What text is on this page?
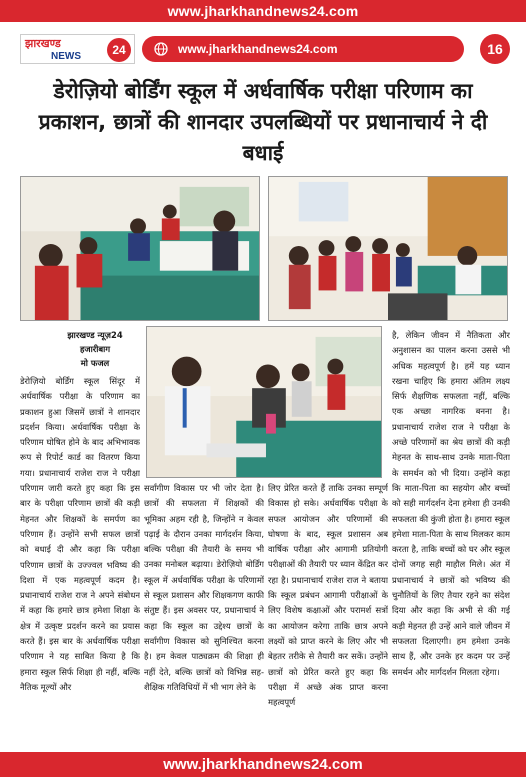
www.jharkhandnews24.com
झारखण्ड
NEWS	24	www.jharkhandnews24.com	16
डेरोज़ियो बोर्डिंग स्कूल में अर्धवार्षिक परीक्षा परिणाम का प्रकाशन, छात्रों की शानदार उपलब्धियों पर प्रधानाचार्य ने दी बधाई
झारखण्ड न्यूज़24
हजारीबाग
मो फजल

डेरोज़ियो बोर्डिंग स्कूल सिंदूर में अर्धवार्षिक परीक्षा के परिणाम का प्रकाशन हुआ जिसमें छात्रों ने शानदार प्रदर्शन किया। अर्धवार्षिक परीक्षा के परिणाम घोषित होने के बाद अभिभावक रूप से रिपोर्ट कार्ड का वितरण किया गया। प्रधानाचार्य राजेश राज ने परीक्षा परिणाम जारी करते हुए कहा कि इस बार के परीक्षा परिणाम छात्रों की कड़ी मेहनत और शिक्षकों के समर्पण का परिणाम हैं। उन्होंने सभी सफल छात्रों को बधाई दी और कहा कि परीक्षा परिणाम छात्रों के उज्ज्वल भविष्य की दिशा में एक महत्वपूर्ण कदम है। प्रधानाचार्य राजेश राज ने अपने संबोधन में कहा कि हमारे छात्र हमेशा शिक्षा के क्षेत्र में उत्कृष्ट प्रदर्शन करने का प्रयास करते हैं। इस बार के अर्धवार्षिक परीक्षा परिणाम ने यह साबित किया है कि हमारा स्कूल सिर्फ शिक्षा ही नहीं, बल्कि नैतिक मूल्यों और

सर्वांगीण विकास पर भी जोर देता है। छात्रों की सफलता में शिक्षकों की भूमिका अहम रही है, जिन्होंने न केवल पढ़ाई के दौरान उनका मार्गदर्शन किया, बल्कि परीक्षा की तैयारी के समय भी उनका मनोबल बढ़ाया। डेरोज़ियो बोर्डिंग स्कूल में अर्धवार्षिक परीक्षा के परिणामों से स्कूल प्रशासन और शिक्षकगण काफी संतुष्ट हैं। इस अवसर पर, प्रधानाचार्य ने कहा कि स्कूल का उद्देश्य छात्रों के सर्वांगीण विकास को सुनिश्चित करना है। हम केवल पाठ्यक्रम की शिक्षा ही नहीं देते, बल्कि छात्रों को विभिन्न सह-शैक्षिक गतिविधियों में भी भाग लेने के

लिए प्रेरित करते हैं ताकि उनका सम्पूर्ण विकास हो सके। अर्धवार्षिक परीक्षा के सफल आयोजन और परिणामों की घोषणा के बाद, स्कूल प्रशासन अब वार्षिक परीक्षा और आगामी प्रतियोगी परीक्षाओं की तैयारी पर ध्यान केंद्रित कर रहा है। प्रधानाचार्य राजेश राज ने बताया कि स्कूल प्रबंधन आगामी परीक्षाओं के लिए विशेष कक्षाओं और परामर्श सत्रों का आयोजन करेगा ताकि छात्र अपने लक्ष्यों को प्राप्त करने के लिए और भी बेहतर तरीके से तैयारी कर सकें। उन्होंने छात्रों को प्रेरित करते हुए कहा कि परीक्षा में अच्छे अंक प्राप्त करना महत्वपूर्ण

है, लेकिन जीवन में नैतिकता और अनुशासन का पालन करना उससे भी अधिक महत्वपूर्ण है। हमें यह ध्यान रखना चाहिए कि हमारा अंतिम लक्ष्य सिर्फ शैक्षणिक सफलता नहीं, बल्कि एक अच्छा नागरिक बनना है। प्रधानाचार्य राजेश राज ने परीक्षा के अच्छे परिणामों का श्रेय छात्रों की कड़ी मेहनत के साथ-साथ उनके माता-पिता के समर्थन को भी दिया। उन्होंने कहा कि माता-पिता का सहयोग और बच्चों को सही मार्गदर्शन देना हमेशा ही उनकी सफलता की कुंजी होता है। हमारा स्कूल हमेशा माता-पिता के साथ मिलकर काम करता है, ताकि बच्चों को घर और स्कूल दोनों जगह सही माहौल मिले। अंत में प्रधानाचार्य ने छात्रों को भविष्य की चुनौतियों के लिए तैयार रहने का संदेश दिया और कहा कि अभी से की गई कड़ी मेहनत ही उन्हें आने वाले जीवन में सफलता दिलाएगी। हम हमेशा उनके साथ हैं, और उनके हर कदम पर उन्हें समर्थन और मार्गदर्शन मिलता रहेगा।

www.jharkhandnews24.com
